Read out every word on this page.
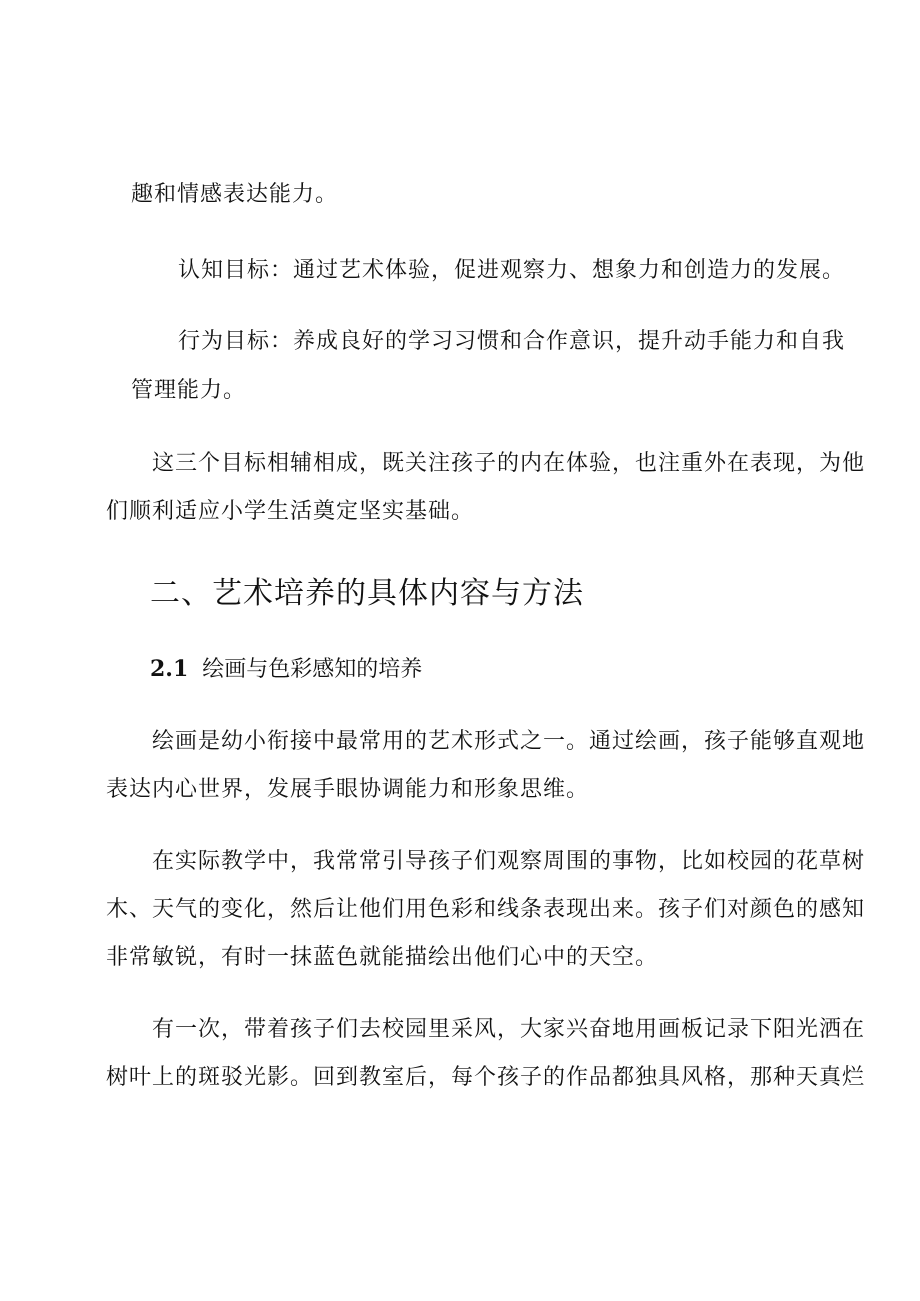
趣和情感表达能力。
认知目标：通过艺术体验，促进观察力、想象力和创造力的发展。
行为目标：养成良好的学习习惯和合作意识，提升动手能力和自我
管理能力。
这三个目标相辅相成，既关注孩子的内在体验，也注重外在表现，为他
们顺利适应小学生活奠定坚实基础。
二、艺术培养的具体内容与方法
2.1 绘画与色彩感知的培养
绘画是幼小衔接中最常用的艺术形式之一。通过绘画，孩子能够直观地
表达内心世界，发展手眼协调能力和形象思维。
在实际教学中，我常常引导孩子们观察周围的事物，比如校园的花草树
木、天气的变化，然后让他们用色彩和线条表现出来。孩子们对颜色的感知
非常敏锐，有时一抹蓝色就能描绘出他们心中的天空。
有一次，带着孩子们去校园里采风，大家兴奋地用画板记录下阳光洒在
树叶上的斑驳光影。回到教室后，每个孩子的作品都独具风格，那种天真烂
